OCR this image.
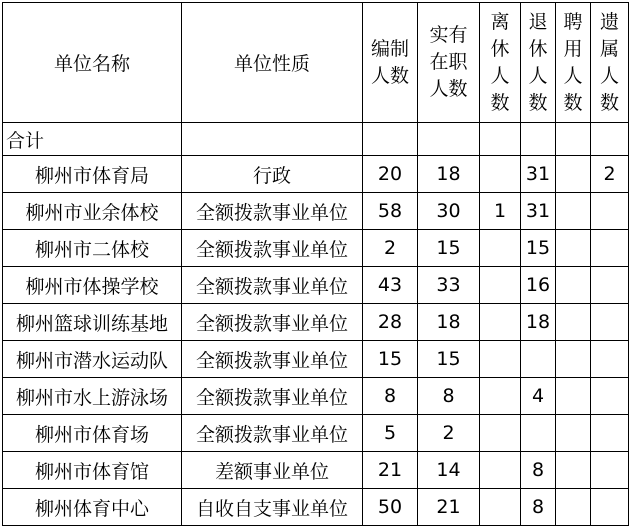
单位名称	单位性质	编制人数	实有在职人数	离休人数	退休人数	聘用人数	遗属人数
合计							
柳州市体育局	行政	20	18		31		2
柳州市业余体校	全额拨款事业单位	58	30	1	31		
柳州市二体校	全额拨款事业单位	2	15		15		
柳州市体操学校	全额拨款事业单位	43	33		16		
柳州篮球训练基地	全额拨款事业单位	28	18		18		
柳州市潜水运动队	全额拨款事业单位	15	15				
柳州市水上游泳场	全额拨款事业单位	8	8		4		
柳州市体育场	全额拨款事业单位	5	2				
柳州市体育馆	差额事业单位	21	14		8		
柳州体育中心	自收自支事业单位	50	21		8		
